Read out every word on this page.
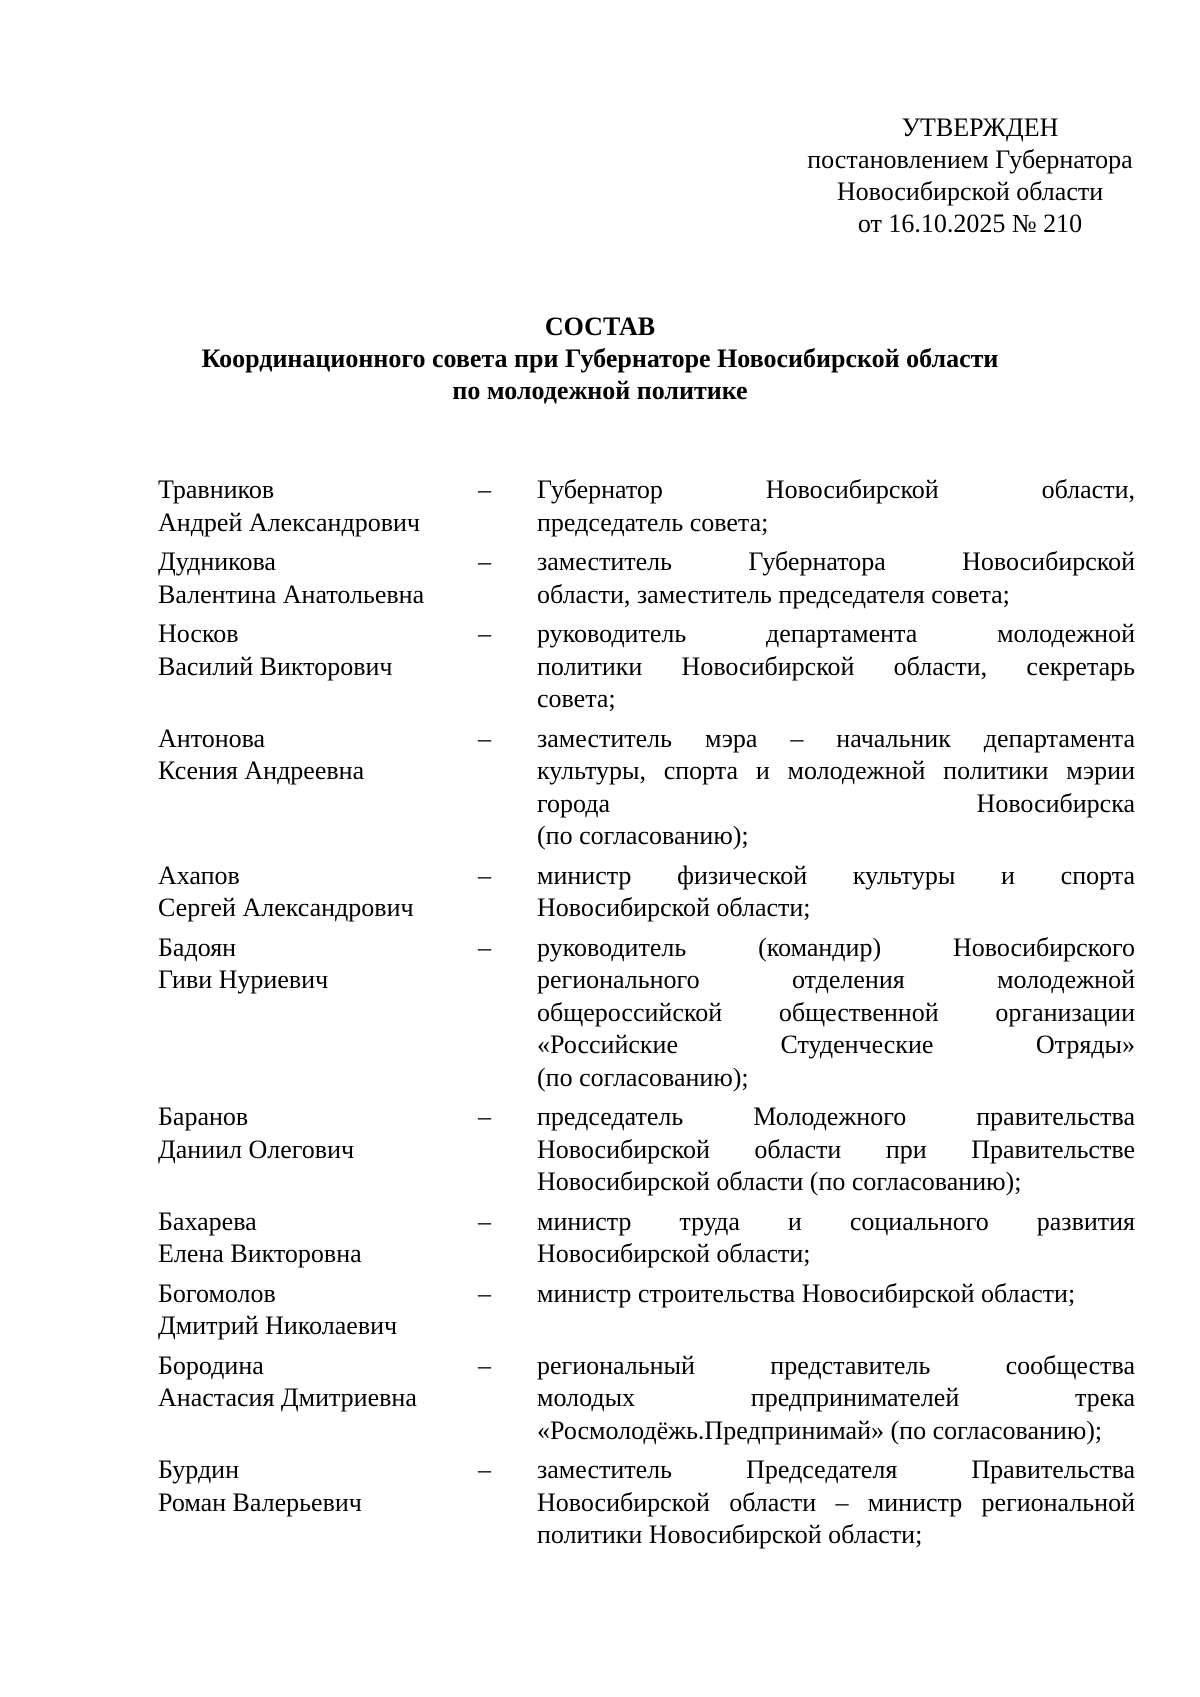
УТВЕРЖДЕН
постановлением Губернатора
Новосибирской области
от 16.10.2025 № 210
СОСТАВ
Координационного совета при Губернаторе Новосибирской области
по молодежной политике
Травников
Андрей Александрович
–	Губернатор Новосибирской области,
председатель совета;
Дудникова
Валентина Анатольевна
–	заместитель Губернатора Новосибирской
области, заместитель председателя совета;
Носков
Василий Викторович
–	руководитель департамента молодежной
политики Новосибирской области, секретарь
совета;
Антонова
Ксения Андреевна
–	заместитель мэра – начальник департамента
культуры, спорта и молодежной политики мэрии
города Новосибирска
(по согласованию);
Ахапов
Сергей Александрович
–	министр физической культуры и спорта
Новосибирской области;
Бадоян
Гиви Нуриевич
–	руководитель (командир) Новосибирского
регионального отделения молодежной
общероссийской общественной организации
«Российские Студенческие Отряды»
(по согласованию);
Баранов
Даниил Олегович
–	председатель Молодежного правительства
Новосибирской области при Правительстве
Новосибирской области (по согласованию);
Бахарева
Елена Викторовна
–	министр труда и социального развития
Новосибирской области;
Богомолов
Дмитрий Николаевич
–	министр строительства Новосибирской области;
Бородина
Анастасия Дмитриевна
–	региональный представитель сообщества
молодых предпринимателей трека
«Росмолодёжь.Предпринимай» (по согласованию);
Бурдин
Роман Валерьевич
–	заместитель Председателя Правительства
Новосибирской области – министр региональной
политики Новосибирской области;
